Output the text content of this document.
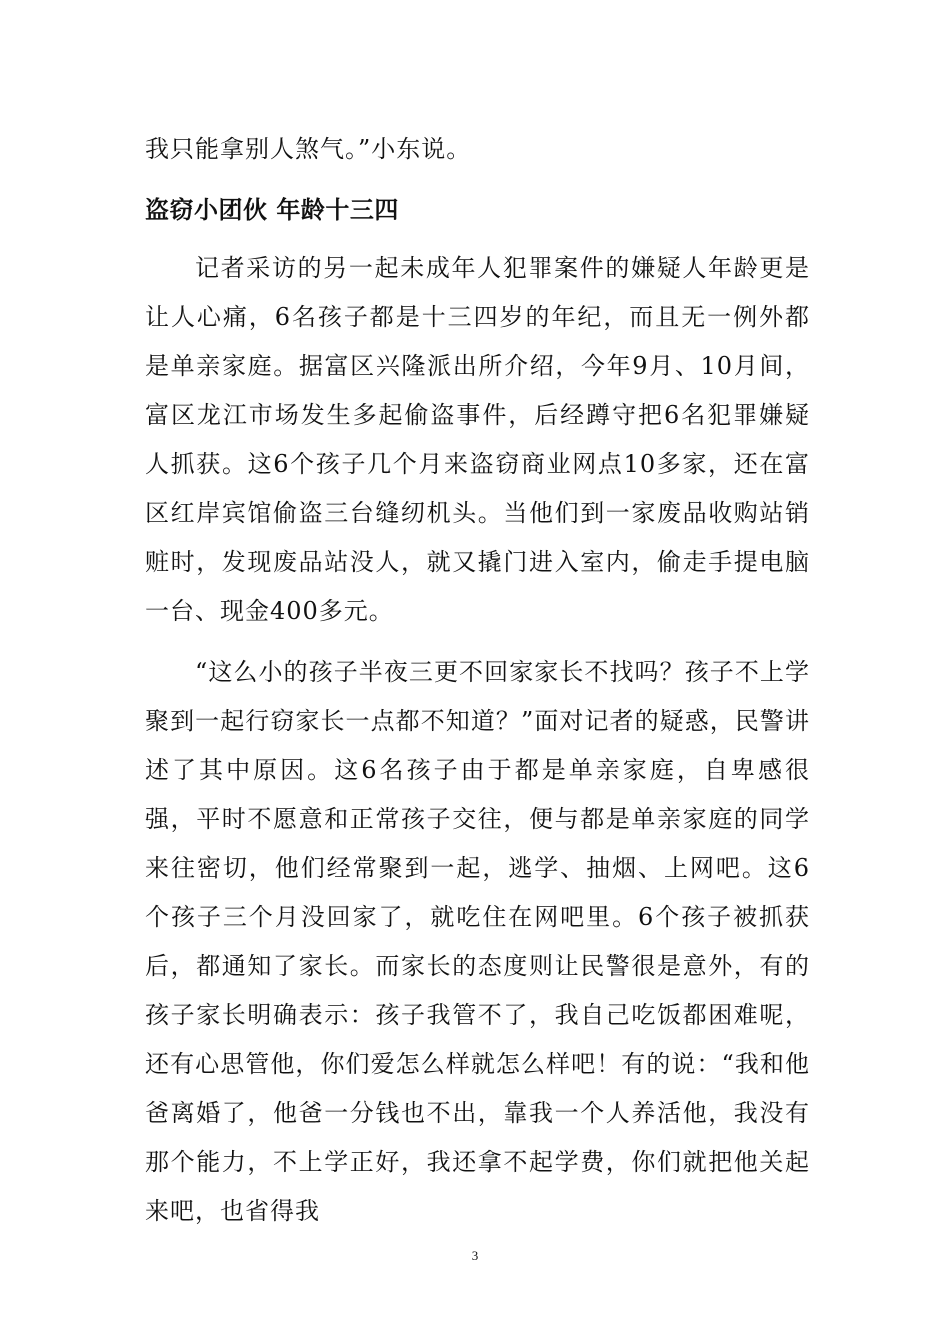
我只能拿别人煞气。”小东说。
盗窃小团伙 年龄十三四
记者采访的另一起未成年人犯罪案件的嫌疑人年龄更是让人心痛，6名孩子都是十三四岁的年纪，而且无一例外都是单亲家庭。据富区兴隆派出所介绍，今年9月、10月间，富区龙江市场发生多起偷盗事件，后经蹲守把6名犯罪嫌疑人抓获。这6个孩子几个月来盗窃商业网点10多家，还在富区红岸宾馆偷盗三台缝纫机头。当他们到一家废品收购站销赃时，发现废品站没人，就又撬门进入室内，偷走手提电脑一台、现金400多元。
“这么小的孩子半夜三更不回家家长不找吗？孩子不上学聚到一起行窃家长一点都不知道？”面对记者的疑惑，民警讲述了其中原因。这6名孩子由于都是单亲家庭，自卑感很强，平时不愿意和正常孩子交往，便与都是单亲家庭的同学来往密切，他们经常聚到一起，逃学、抽烟、上网吧。这6个孩子三个月没回家了，就吃住在网吧里。6个孩子被抓获后，都通知了家长。而家长的态度则让民警很是意外，有的孩子家长明确表示：孩子我管不了，我自己吃饭都困难呢，还有心思管他，你们爱怎么样就怎么样吧！有的说：“我和他爸离婚了，他爸一分钱也不出，靠我一个人养活他，我没有那个能力，不上学正好，我还拿不起学费，你们就把他关起来吧，也省得我
3
